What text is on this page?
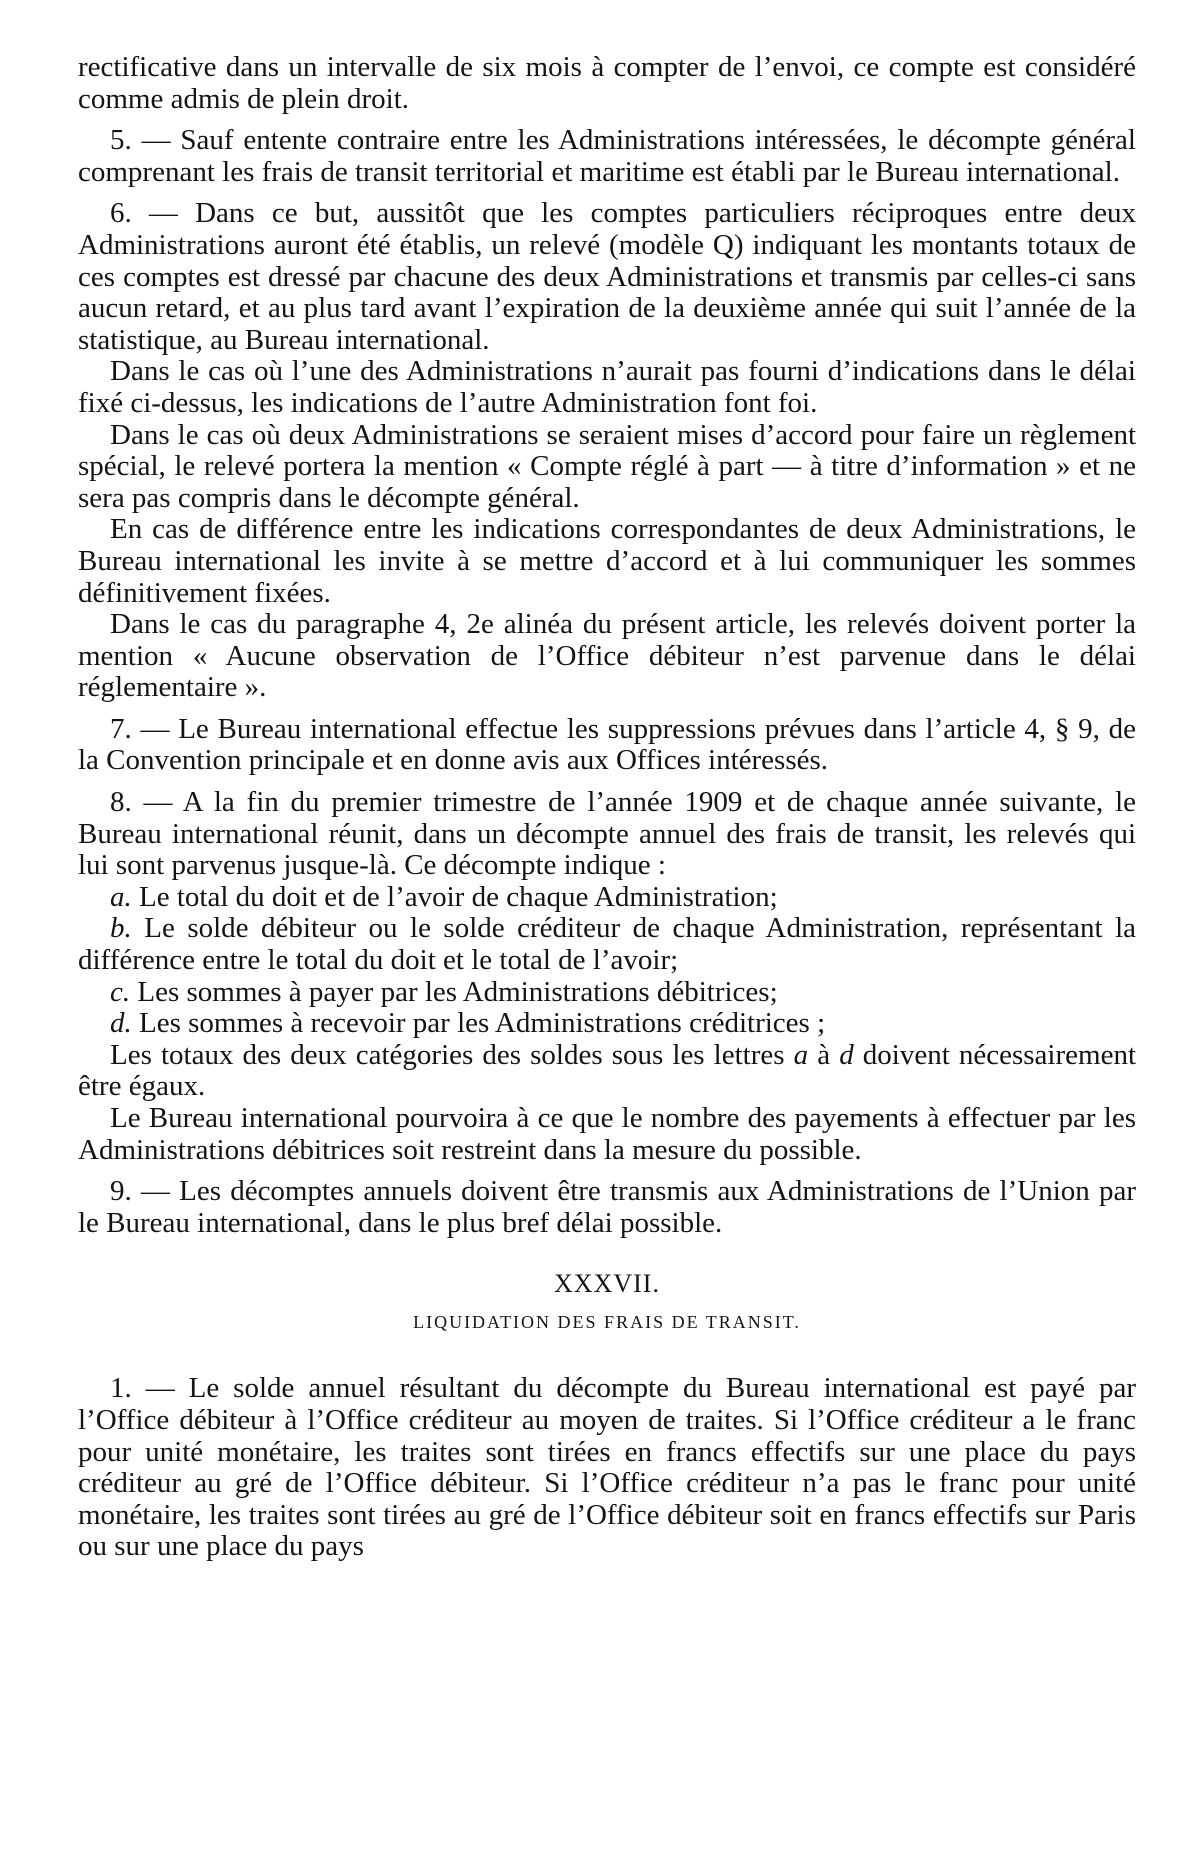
rectificative dans un intervalle de six mois à compter de l’envoi, ce compte est considéré comme admis de plein droit.

5. — Sauf entente contraire entre les Administrations intéressées, le décompte général comprenant les frais de transit territorial et maritime est établi par le Bureau international.

6. — Dans ce but, aussitôt que les comptes particuliers réciproques entre deux Administrations auront été établis, un relevé (modèle Q) indiquant les montants totaux de ces comptes est dressé par chacune des deux Administrations et transmis par celles-ci sans aucun retard, et au plus tard avant l’expiration de la deuxième année qui suit l’année de la statistique, au Bureau international.

Dans le cas où l’une des Administrations n’aurait pas fourni d’indications dans le délai fixé ci-dessus, les indications de l’autre Administration font foi.

Dans le cas où deux Administrations se seraient mises d’accord pour faire un règlement spécial, le relevé portera la mention « Compte réglé à part — à titre d’information » et ne sera pas compris dans le décompte général.

En cas de différence entre les indications correspondantes de deux Administrations, le Bureau international les invite à se mettre d’accord et à lui communiquer les sommes définitivement fixées.

Dans le cas du paragraphe 4, 2e alinéa du présent article, les relevés doivent porter la mention « Aucune observation de l’Office débiteur n’est parvenue dans le délai réglementaire ».

7. — Le Bureau international effectue les suppressions prévues dans l’article 4, § 9, de la Convention principale et en donne avis aux Offices intéressés.

8. — A la fin du premier trimestre de l’année 1909 et de chaque année suivante, le Bureau international réunit, dans un décompte annuel des frais de transit, les relevés qui lui sont parvenus jusque-là. Ce décompte indique :

a. Le total du doit et de l’avoir de chaque Administration;

b. Le solde débiteur ou le solde créditeur de chaque Administration, représentant la différence entre le total du doit et le total de l’avoir;

c. Les sommes à payer par les Administrations débitrices;

d. Les sommes à recevoir par les Administrations créditrices ;

Les totaux des deux catégories des soldes sous les lettres a à d doivent nécessairement être égaux.

Le Bureau international pourvoira à ce que le nombre des payements à effectuer par les Administrations débitrices soit restreint dans la mesure du possible.

9. — Les décomptes annuels doivent être transmis aux Administrations de l’Union par le Bureau international, dans le plus bref délai possible.

XXXVII.

LIQUIDATION DES FRAIS DE TRANSIT.

1. — Le solde annuel résultant du décompte du Bureau international est payé par l’Office débiteur à l’Office créditeur au moyen de traites. Si l’Office créditeur a le franc pour unité monétaire, les traites sont tirées en francs effectifs sur une place du pays créditeur au gré de l’Office débiteur. Si l’Office créditeur n’a pas le franc pour unité monétaire, les traites sont tirées au gré de l’Office débiteur soit en francs effectifs sur Paris ou sur une place du pays
